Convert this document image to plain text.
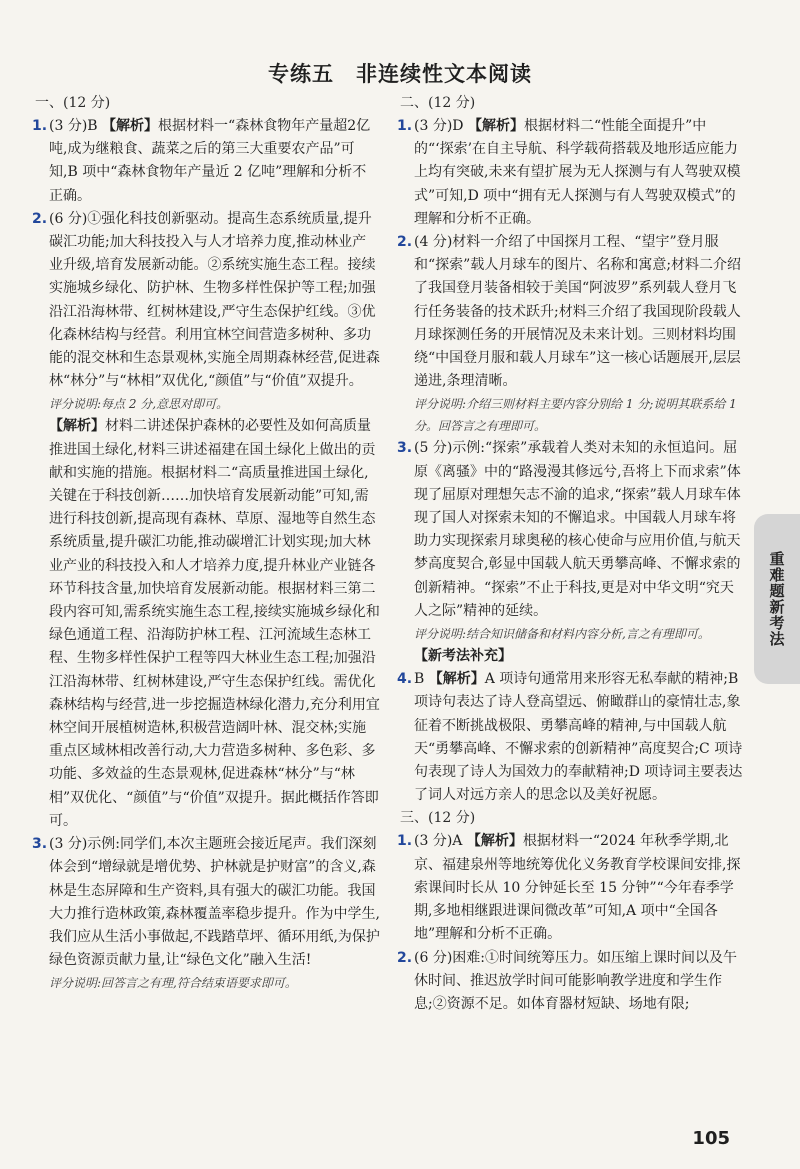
专练五　非连续性文本阅读

一、(12 分)

1. (3 分)B 【解析】根据材料一“森林食物年产量超2亿吨,成为继粮食、蔬菜之后的第三大重要农产品”可知,B 项中“森林食物年产量近 2 亿吨”理解和分析不正确。

2. (6 分)①强化科技创新驱动。提高生态系统质量,提升碳汇功能;加大科技投入与人才培养力度,推动林业产业升级,培育发展新动能。②系统实施生态工程。接续实施城乡绿化、防护林、生物多样性保护等工程;加强沿江沿海林带、红树林建设,严守生态保护红线。③优化森林结构与经营。利用宜林空间营造多树种、多功能的混交林和生态景观林,实施全周期森林经营,促进森林“林分”与“林相”双优化,“颜值”与“价值”双提升。

评分说明:每点 2 分,意思对即可。

【解析】材料二讲述保护森林的必要性及如何高质量推进国土绿化,材料三讲述福建在国土绿化上做出的贡献和实施的措施。根据材料二“高质量推进国土绿化,关键在于科技创新……加快培育发展新动能”可知,需进行科技创新,提高现有森林、草原、湿地等自然生态系统质量,提升碳汇功能,推动碳增汇计划实现;加大林业产业的科技投入和人才培养力度,提升林业产业链各环节科技含量,加快培育发展新动能。根据材料三第二段内容可知,需系统实施生态工程,接续实施城乡绿化和绿色通道工程、沿海防护林工程、江河流域生态林工程、生物多样性保护工程等四大林业生态工程;加强沿江沿海林带、红树林建设,严守生态保护红线。需优化森林结构与经营,进一步挖掘造林绿化潜力,充分利用宜林空间开展植树造林,积极营造阔叶林、混交林;实施重点区域林相改善行动,大力营造多树种、多色彩、多功能、多效益的生态景观林,促进森林“林分”与“林相”双优化、“颜值”与“价值”双提升。据此概括作答即可。

3. (3 分)示例:同学们,本次主题班会接近尾声。我们深刻体会到“增绿就是增优势、护林就是护财富”的含义,森林是生态屏障和生产资料,具有强大的碳汇功能。我国大力推行造林政策,森林覆盖率稳步提升。作为中学生,我们应从生活小事做起,不践踏草坪、循环用纸,为保护绿色资源贡献力量,让“绿色文化”融入生活!

评分说明:回答言之有理,符合结束语要求即可。

二、(12 分)

1. (3 分)D 【解析】根据材料二“性能全面提升”中的“‘探索’在自主导航、科学载荷搭载及地形适应能力上均有突破,未来有望扩展为无人探测与有人驾驶双模式”可知,D 项中“拥有无人探测与有人驾驶双模式”的理解和分析不正确。

2. (4 分)材料一介绍了中国探月工程、“望宇”登月服和“探索”载人月球车的图片、名称和寓意;材料二介绍了我国登月装备相较于美国“阿波罗”系列载人登月飞行任务装备的技术跃升;材料三介绍了我国现阶段载人月球探测任务的开展情况及未来计划。三则材料均围绕“中国登月服和载人月球车”这一核心话题展开,层层递进,条理清晰。

评分说明:介绍三则材料主要内容分别给 1 分;说明其联系给 1 分。回答言之有理即可。

3. (5 分)示例:“探索”承载着人类对未知的永恒追问。屈原《离骚》中的“路漫漫其修远兮,吾将上下而求索”体现了屈原对理想矢志不渝的追求,“探索”载人月球车体现了国人对探索未知的不懈追求。中国载人月球车将助力实现探索月球奥秘的核心使命与应用价值,与航天梦高度契合,彰显中国载人航天勇攀高峰、不懈求索的创新精神。“探索”不止于科技,更是对中华文明“究天人之际”精神的延续。

评分说明:结合知识储备和材料内容分析,言之有理即可。

【新考法补充】

4. B 【解析】A 项诗句通常用来形容无私奉献的精神;B 项诗句表达了诗人登高望远、俯瞰群山的豪情壮志,象征着不断挑战极限、勇攀高峰的精神,与中国载人航天“勇攀高峰、不懈求索的创新精神”高度契合;C 项诗句表现了诗人为国效力的奉献精神;D 项诗词主要表达了词人对远方亲人的思念以及美好祝愿。

三、(12 分)

1. (3 分)A 【解析】根据材料一“2024 年秋季学期,北京、福建泉州等地统筹优化义务教育学校课间安排,探索课间时长从 10 分钟延长至 15 分钟”“今年春季学期,多地相继跟进课间微改革”可知,A 项中“全国各地”理解和分析不正确。

2. (6 分)困难:①时间统筹压力。如压缩上课时间以及午休时间、推迟放学时间可能影响教学进度和学生作息;②资源不足。如体育器材短缺、场地有限;

重难题新考法
105
